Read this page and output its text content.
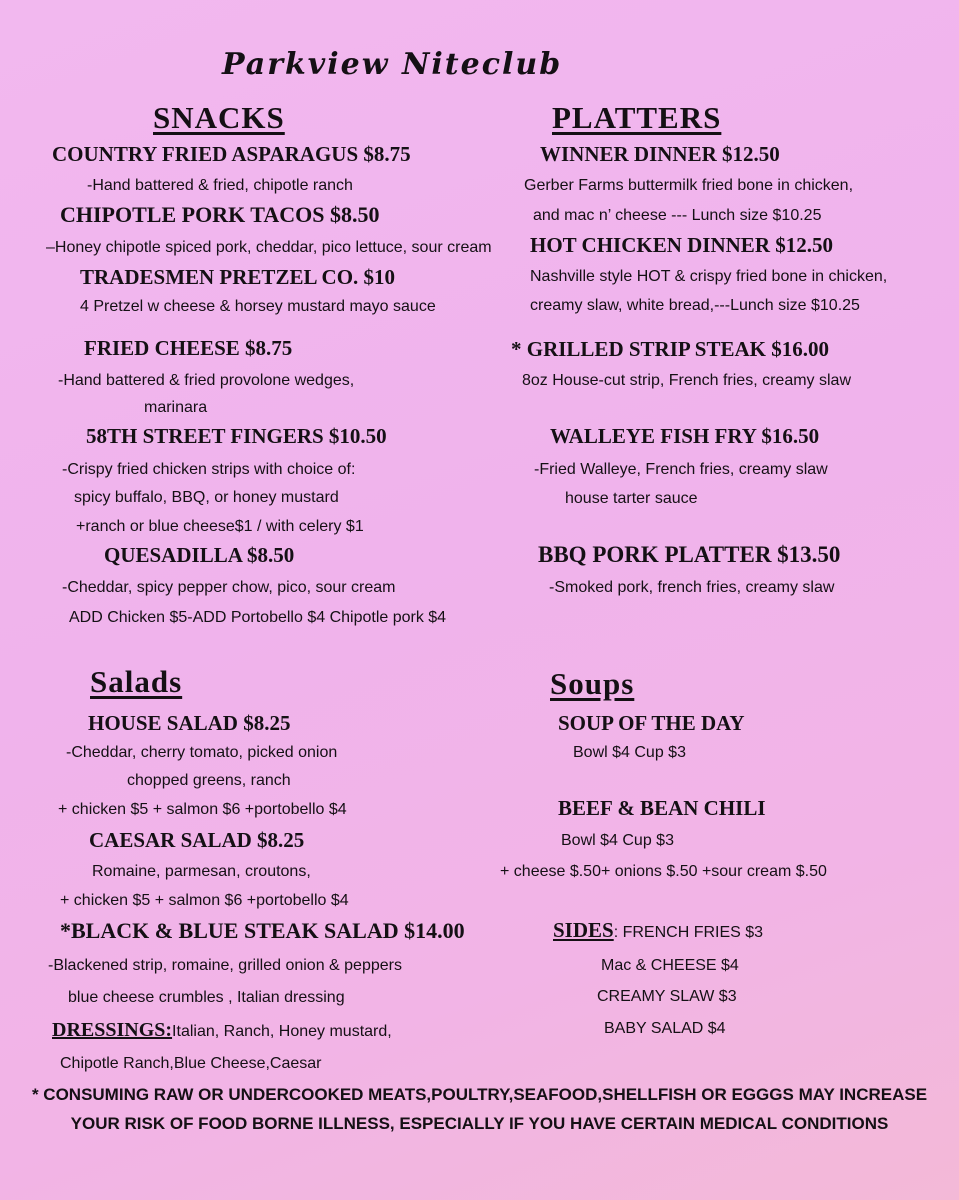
Parkview Niteclub
SNACKS
COUNTRY FRIED ASPARAGUS $8.75
-Hand battered & fried, chipotle ranch
CHIPOTLE PORK TACOS $8.50
–Honey chipotle spiced pork, cheddar, pico lettuce, sour cream
TRADESMEN PRETZEL CO. $10
4 Pretzel w cheese & horsey mustard mayo sauce
FRIED CHEESE $8.75
-Hand battered & fried provolone wedges,
marinara
58TH STREET FINGERS $10.50
-Crispy fried chicken strips with choice of:
spicy buffalo, BBQ, or honey mustard
+ranch or blue cheese$1 / with celery $1
QUESADILLA $8.50
-Cheddar, spicy pepper chow, pico, sour cream
ADD Chicken $5-ADD Portobello $4 Chipotle pork $4
PLATTERS
WINNER DINNER $12.50
Gerber Farms buttermilk fried bone in chicken,
and mac n’ cheese --- Lunch size $10.25
HOT CHICKEN DINNER $12.50
Nashville style HOT & crispy fried bone in chicken,
creamy slaw, white bread,---Lunch size $10.25
* GRILLED STRIP STEAK $16.00
8oz House-cut strip, French fries, creamy slaw
WALLEYE FISH FRY $16.50
-Fried Walleye, French fries, creamy slaw
house tarter sauce
BBQ PORK PLATTER $13.50
-Smoked pork, french fries, creamy slaw
Salads
HOUSE SALAD $8.25
-Cheddar, cherry tomato, picked onion
chopped greens, ranch
+ chicken $5 + salmon $6 +portobello $4
CAESAR SALAD $8.25
Romaine, parmesan, croutons,
+ chicken $5 + salmon $6 +portobello $4
*BLACK & BLUE STEAK SALAD $14.00
-Blackened strip, romaine, grilled onion & peppers
blue cheese crumbles , Italian dressing
DRESSINGS:Italian, Ranch, Honey mustard,
Chipotle Ranch,Blue Cheese,Caesar
Soups
SOUP OF THE DAY
Bowl $4 Cup $3
BEEF & BEAN CHILI
Bowl $4 Cup $3
+ cheese $.50+ onions $.50 +sour cream $.50
SIDES: FRENCH FRIES $3
Mac & CHEESE $4
CREAMY SLAW $3
BABY SALAD $4
* CONSUMING RAW OR UNDERCOOKED MEATS,POULTRY,SEAFOOD,SHELLFISH OR EGGGS MAY INCREASE
YOUR RISK OF FOOD BORNE ILLNESS, ESPECIALLY IF YOU HAVE CERTAIN MEDICAL CONDITIONS
